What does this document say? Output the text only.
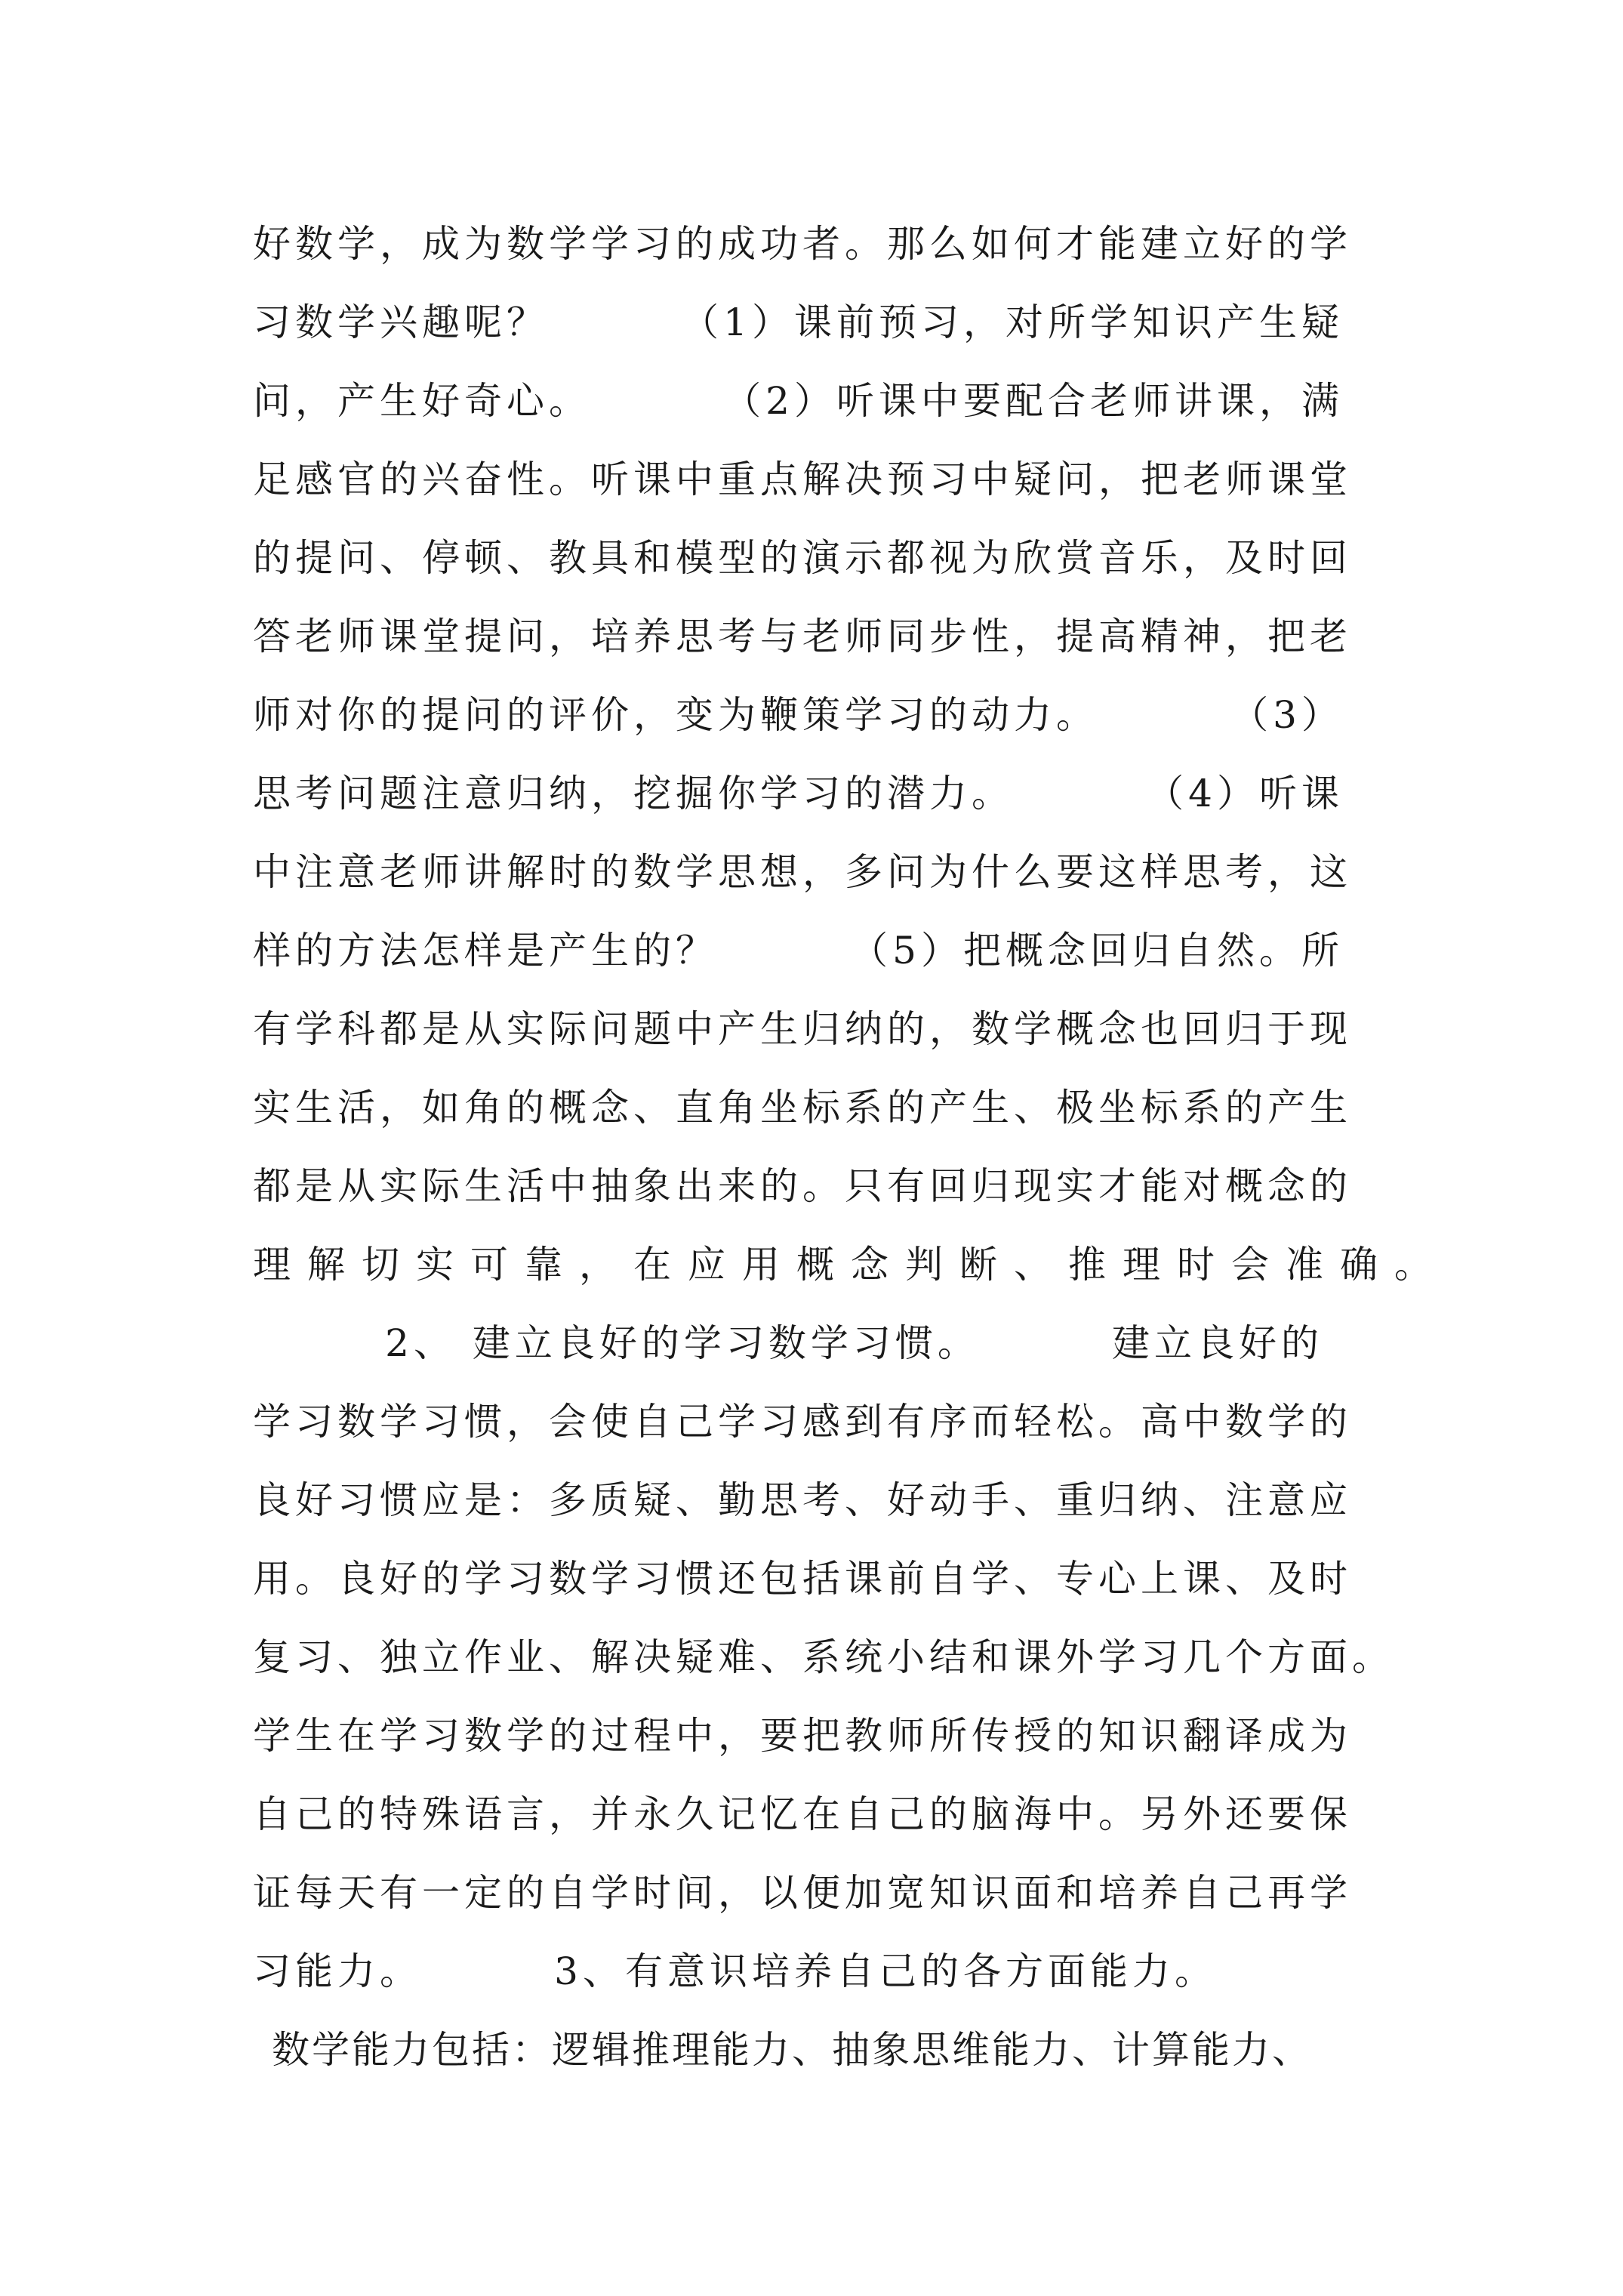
好数学，成为数学学习的成功者。那么如何才能建立好的学
习数学兴趣呢？        （1）课前预习，对所学知识产生疑
问，产生好奇心。        （2）听课中要配合老师讲课，满
足感官的兴奋性。听课中重点解决预习中疑问，把老师课堂
的提问、停顿、教具和模型的演示都视为欣赏音乐，及时回
答老师课堂提问，培养思考与老师同步性，提高精神，把老
师对你的提问的评价，变为鞭策学习的动力。        （3）
思考问题注意归纳，挖掘你学习的潜力。        （4）听课
中注意老师讲解时的数学思想，多问为什么要这样思考，这
样的方法怎样是产生的？        （5）把概念回归自然。所
有学科都是从实际问题中产生归纳的，数学概念也回归于现
实生活，如角的概念、直角坐标系的产生、极坐标系的产生
都是从实际生活中抽象出来的。只有回归现实才能对概念的
理解切实可靠，在应用概念判断、推理时会准确。
2、 建立良好的学习数学习惯。        建立良好的
学习数学习惯，会使自己学习感到有序而轻松。高中数学的
良好习惯应是：多质疑、勤思考、好动手、重归纳、注意应
用。良好的学习数学习惯还包括课前自学、专心上课、及时
复习、独立作业、解决疑难、系统小结和课外学习几个方面。
学生在学习数学的过程中，要把教师所传授的知识翻译成为
自己的特殊语言，并永久记忆在自己的脑海中。另外还要保
证每天有一定的自学时间，以便加宽知识面和培养自己再学
习能力。        3、有意识培养自己的各方面能力。
数学能力包括：逻辑推理能力、抽象思维能力、计算能力、
